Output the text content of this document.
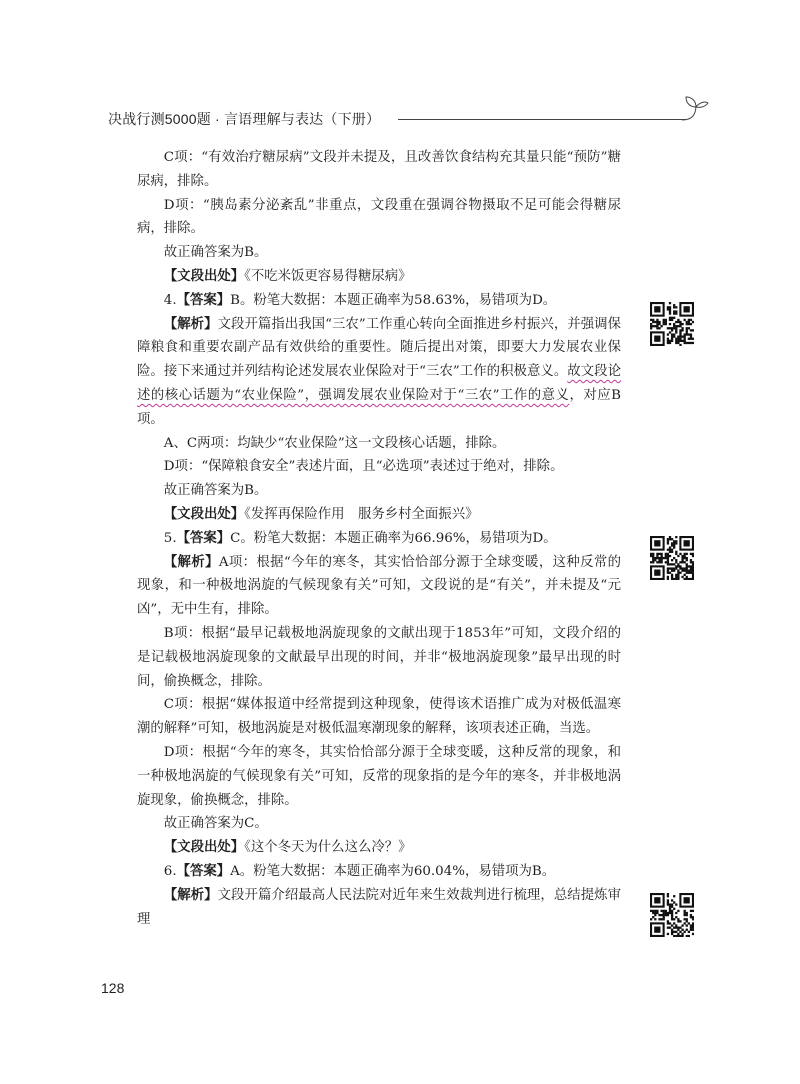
决战行测5000题 · 言语理解与表达（下册）

C项：“有效治疗糖尿病”文段并未提及，且改善饮食结构充其量只能“预防”糖尿病，排除。

D项：“胰岛素分泌紊乱”非重点，文段重在强调谷物摄取不足可能会得糖尿病，排除。

故正确答案为B。

【文段出处】《不吃米饭更容易得糖尿病》

4.【答案】B。粉笔大数据：本题正确率为58.63%，易错项为D。

【解析】文段开篇指出我国“三农”工作重心转向全面推进乡村振兴，并强调保障粮食和重要农副产品有效供给的重要性。随后提出对策，即要大力发展农业保险。接下来通过并列结构论述发展农业保险对于“三农”工作的积极意义。故文段论述的核心话题为“农业保险”，强调发展农业保险对于“三农”工作的意义，对应B项。

A、C两项：均缺少“农业保险”这一文段核心话题，排除。

D项：“保障粮食安全”表述片面，且“必选项”表述过于绝对，排除。

故正确答案为B。

【文段出处】《发挥再保险作用　服务乡村全面振兴》

5.【答案】C。粉笔大数据：本题正确率为66.96%，易错项为D。

【解析】A项：根据“今年的寒冬，其实恰恰部分源于全球变暖，这种反常的现象，和一种极地涡旋的气候现象有关”可知，文段说的是“有关”，并未提及“元凶”，无中生有，排除。

B项：根据“最早记载极地涡旋现象的文献出现于1853年”可知，文段介绍的是记载极地涡旋现象的文献最早出现的时间，并非“极地涡旋现象”最早出现的时间，偷换概念，排除。

C项：根据“媒体报道中经常提到这种现象，使得该术语推广成为对极低温寒潮的解释”可知，极地涡旋是对极低温寒潮现象的解释，该项表述正确，当选。

D项：根据“今年的寒冬，其实恰恰部分源于全球变暖，这种反常的现象，和一种极地涡旋的气候现象有关”可知，反常的现象指的是今年的寒冬，并非极地涡旋现象，偷换概念，排除。

故正确答案为C。

【文段出处】《这个冬天为什么这么冷？》

6.【答案】A。粉笔大数据：本题正确率为60.04%，易错项为B。

【解析】文段开篇介绍最高人民法院对近年来生效裁判进行梳理，总结提炼审理

128
